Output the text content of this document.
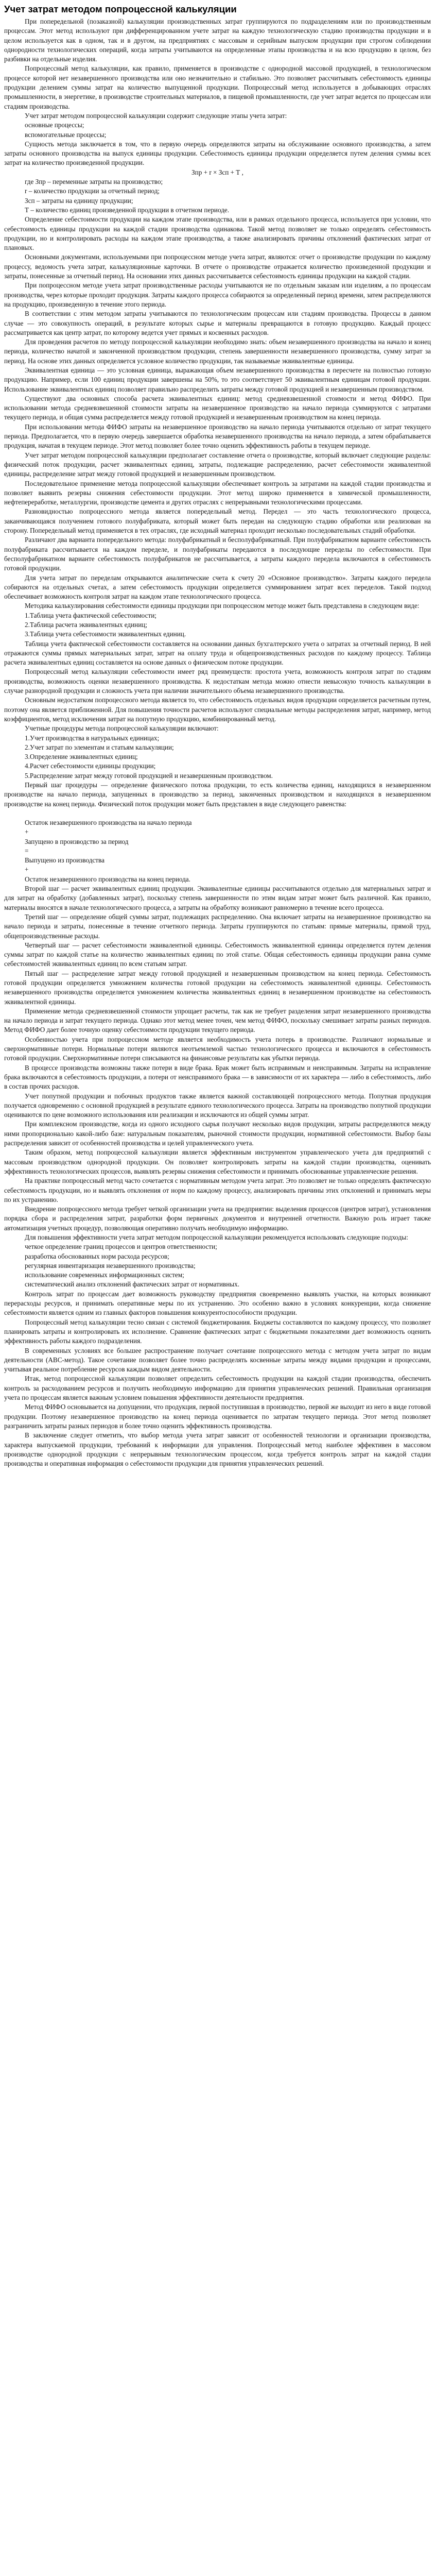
Учет затрат методом попроцессной калькуляции

При попередельной (позаказной) калькуляции производственных затрат группируются по подразделениям или по производственным процессам. Этот метод используют при дифференцированном учете затрат на каждую технологическую стадию производства продукции и в целом используется как в одном, так и в другом, на предприятиях с массовым и серийным выпуском продукции при строгом соблюдении однородности технологических операций, когда затраты учитываются на определенные этапы производства и на всю продукцию в целом, без разбивки на отдельные изделия.

Попроцессный метод калькуляции, как правило, применяется в производстве с однородной массовой продукцией, в технологическом процессе которой нет незавершенного производства или оно незначительно и стабильно. Это позволяет рассчитывать себестоимость единицы продукции делением суммы затрат на количество выпущенной продукции. Попроцессный метод используется в добывающих отраслях промышленности, в энергетике, в производстве строительных материалов, в пищевой промышленности, где учет затрат ведется по процессам или стадиям производства.

Учет затрат методом попроцессной калькуляции содержит следующие этапы учета затрат:

основные процессы;

вспомогательные процессы;

Сущность метода заключается в том, что в первую очередь определяются затраты на обслуживание основного производства, а затем затраты основного производства на выпуск единицы продукции. Себестоимость единицы продукции определяется путем деления суммы всех затрат на количество произведенной продукции.

Зпр + r × Зсп + Т ,

где Зпр – переменные затраты на производство;

r – количество продукции за отчетный период;

Зсп – затраты на единицу продукции;

Т – количество единиц произведенной продукции в отчетном периоде.

Определение себестоимости продукции на каждом этапе производства, или в рамках отдельного процесса, используется при условии, что себестоимость единицы продукции на каждой стадии производства одинакова. Такой метод позволяет не только определять себестоимость продукции, но и контролировать расходы на каждом этапе производства, а также анализировать причины отклонений фактических затрат от плановых.

Основными документами, используемыми при попроцессном методе учета затрат, являются: отчет о производстве продукции по каждому процессу, ведомость учета затрат, калькуляционные карточки. В отчете о производстве отражается количество произведенной продукции и затраты, понесенные за отчетный период. На основании этих данных рассчитывается себестоимость единицы продукции на каждой стадии.

При попроцессном методе учета затрат производственные расходы учитываются не по отдельным заказам или изделиям, а по процессам производства, через которые проходит продукция. Затраты каждого процесса собираются за определенный период времени, затем распределяются на продукцию, произведенную в течение этого периода.

В соответствии с этим методом затраты учитываются по технологическим процессам или стадиям производства. Процессы в данном случае — это совокупность операций, в результате которых сырье и материалы превращаются в готовую продукцию. Каждый процесс рассматривается как центр затрат, по которому ведется учет прямых и косвенных расходов.

Для проведения расчетов по методу попроцессной калькуляции необходимо знать: объем незавершенного производства на начало и конец периода, количество начатой и законченной производством продукции, степень завершенности незавершенного производства, сумму затрат за период. На основе этих данных определяется условное количество продукции, так называемые эквивалентные единицы.

Эквивалентная единица — это условная единица, выражающая объем незавершенного производства в пересчете на полностью готовую продукцию. Например, если 100 единиц продукции завершены на 50%, то это соответствует 50 эквивалентным единицам готовой продукции. Использование эквивалентных единиц позволяет правильно распределить затраты между готовой продукцией и незавершенным производством.

Существуют два основных способа расчета эквивалентных единиц: метод средневзвешенной стоимости и метод ФИФО. При использовании метода средневзвешенной стоимости затраты на незавершенное производство на начало периода суммируются с затратами текущего периода, и общая сумма распределяется между готовой продукцией и незавершенным производством на конец периода.

При использовании метода ФИФО затраты на незавершенное производство на начало периода учитываются отдельно от затрат текущего периода. Предполагается, что в первую очередь завершается обработка незавершенного производства на начало периода, а затем обрабатывается продукция, начатая в текущем периоде. Этот метод позволяет более точно оценить эффективность работы в текущем периоде.

Учет затрат методом попроцессной калькуляции предполагает составление отчета о производстве, который включает следующие разделы: физический поток продукции, расчет эквивалентных единиц, затраты, подлежащие распределению, расчет себестоимости эквивалентной единицы, распределение затрат между готовой продукцией и незавершенным производством.

Последовательное применение метода попроцессной калькуляции обеспечивает контроль за затратами на каждой стадии производства и позволяет выявить резервы снижения себестоимости продукции. Этот метод широко применяется в химической промышленности, нефтепереработке, металлургии, производстве цемента и других отраслях с непрерывными технологическими процессами.

Разновидностью попроцессного метода является попередельный метод. Передел — это часть технологического процесса, заканчивающаяся получением готового полуфабриката, который может быть передан на следующую стадию обработки или реализован на сторону. Попередельный метод применяется в тех отраслях, где исходный материал проходит несколько последовательных стадий обработки.

Различают два варианта попередельного метода: полуфабрикатный и бесполуфабрикатный. При полуфабрикатном варианте себестоимость полуфабриката рассчитывается на каждом переделе, и полуфабрикаты передаются в последующие переделы по себестоимости. При бесполуфабрикатном варианте себестоимость полуфабрикатов не рассчитывается, а затраты каждого передела включаются в себестоимость готовой продукции.

Для учета затрат по переделам открываются аналитические счета к счету 20 «Основное производство». Затраты каждого передела собираются на отдельных счетах, а затем себестоимость продукции определяется суммированием затрат всех переделов. Такой подход обеспечивает возможность контроля затрат на каждом этапе технологического процесса.

Методика калькулирования себестоимости единицы продукции при попроцессном методе может быть представлена в следующем виде:

1.Таблица учета фактической себестоимости;

2.Таблица расчета эквивалентных единиц;

3.Таблица учета себестоимости эквивалентных единиц.

Таблица учета фактической себестоимости составляется на основании данных бухгалтерского учета о затратах за отчетный период. В ней отражаются суммы прямых материальных затрат, затрат на оплату труда и общепроизводственных расходов по каждому процессу. Таблица расчета эквивалентных единиц составляется на основе данных о физическом потоке продукции.

Попроцессный метод калькуляции себестоимости имеет ряд преимуществ: простота учета, возможность контроля затрат по стадиям производства, возможность оценки незавершенного производства. К недостаткам метода можно отнести невысокую точность калькуляции в случае разнородной продукции и сложность учета при наличии значительного объема незавершенного производства.

Основным недостатком попроцессного метода является то, что себестоимость отдельных видов продукции определяется расчетным путем, поэтому она является приближенной. Для повышения точности расчетов используют специальные методы распределения затрат, например, метод коэффициентов, метод исключения затрат на попутную продукцию, комбинированный метод.

Учетные процедуры метода попроцессной калькуляции включают:

1.Учет производства в натуральных единицах;

2.Учет затрат по элементам и статьям калькуляции;

3.Определение эквивалентных единиц;

4.Расчет себестоимости единицы продукции;

5.Распределение затрат между готовой продукцией и незавершенным производством.

Первый шаг процедуры — определение физического потока продукции, то есть количества единиц, находящихся в незавершенном производстве на начало периода, запущенных в производство за период, законченных производством и находящихся в незавершенном производстве на конец периода. Физический поток продукции может быть представлен в виде следующего равенства:

Остаток незавершенного производства на начало периода

+

Запущено в производство за период

=

Выпущено из производства

+

Остаток незавершенного производства на конец периода.

Второй шаг — расчет эквивалентных единиц продукции. Эквивалентные единицы рассчитываются отдельно для материальных затрат и для затрат на обработку (добавленных затрат), поскольку степень завершенности по этим видам затрат может быть различной. Как правило, материалы вносятся в начале технологического процесса, а затраты на обработку возникают равномерно в течение всего процесса.

Третий шаг — определение общей суммы затрат, подлежащих распределению. Она включает затраты на незавершенное производство на начало периода и затраты, понесенные в течение отчетного периода. Затраты группируются по статьям: прямые материалы, прямой труд, общепроизводственные расходы.

Четвертый шаг — расчет себестоимости эквивалентной единицы. Себестоимость эквивалентной единицы определяется путем деления суммы затрат по каждой статье на количество эквивалентных единиц по этой статье. Общая себестоимость единицы продукции равна сумме себестоимостей эквивалентных единиц по всем статьям затрат.

Пятый шаг — распределение затрат между готовой продукцией и незавершенным производством на конец периода. Себестоимость готовой продукции определяется умножением количества готовой продукции на себестоимость эквивалентной единицы. Себестоимость незавершенного производства определяется умножением количества эквивалентных единиц в незавершенном производстве на себестоимость эквивалентной единицы.

Применение метода средневзвешенной стоимости упрощает расчеты, так как не требует разделения затрат незавершенного производства на начало периода и затрат текущего периода. Однако этот метод менее точен, чем метод ФИФО, поскольку смешивает затраты разных периодов. Метод ФИФО дает более точную оценку себестоимости продукции текущего периода.

Особенностью учета при попроцессном методе является необходимость учета потерь в производстве. Различают нормальные и сверхнормативные потери. Нормальные потери являются неотъемлемой частью технологического процесса и включаются в себестоимость готовой продукции. Сверхнормативные потери списываются на финансовые результаты как убытки периода.

В процессе производства возможны также потери в виде брака. Брак может быть исправимым и неисправимым. Затраты на исправление брака включаются в себестоимость продукции, а потери от неисправимого брака — в зависимости от их характера — либо в себестоимость, либо в состав прочих расходов.

Учет попутной продукции и побочных продуктов также является важной составляющей попроцессного метода. Попутная продукция получается одновременно с основной продукцией в результате единого технологического процесса. Затраты на производство попутной продукции оцениваются по цене возможного использования или реализации и исключаются из общей суммы затрат.

При комплексном производстве, когда из одного исходного сырья получают несколько видов продукции, затраты распределяются между ними пропорционально какой-либо базе: натуральным показателям, рыночной стоимости продукции, нормативной себестоимости. Выбор базы распределения зависит от особенностей производства и целей управленческого учета.

Таким образом, метод попроцессной калькуляции является эффективным инструментом управленческого учета для предприятий с массовым производством однородной продукции. Он позволяет контролировать затраты на каждой стадии производства, оценивать эффективность технологических процессов, выявлять резервы снижения себестоимости и принимать обоснованные управленческие решения.

На практике попроцессный метод часто сочетается с нормативным методом учета затрат. Это позволяет не только определять фактическую себестоимость продукции, но и выявлять отклонения от норм по каждому процессу, анализировать причины этих отклонений и принимать меры по их устранению.

Внедрение попроцессного метода требует четкой организации учета на предприятии: выделения процессов (центров затрат), установления порядка сбора и распределения затрат, разработки форм первичных документов и внутренней отчетности. Важную роль играет также автоматизация учетных процедур, позволяющая оперативно получать необходимую информацию.

Для повышения эффективности учета затрат методом попроцессной калькуляции рекомендуется использовать следующие подходы:

четкое определение границ процессов и центров ответственности;

разработка обоснованных норм расхода ресурсов;

регулярная инвентаризация незавершенного производства;

использование современных информационных систем;

систематический анализ отклонений фактических затрат от нормативных.

Контроль затрат по процессам дает возможность руководству предприятия своевременно выявлять участки, на которых возникают перерасходы ресурсов, и принимать оперативные меры по их устранению. Это особенно важно в условиях конкуренции, когда снижение себестоимости является одним из главных факторов повышения конкурентоспособности продукции.

Попроцессный метод калькуляции тесно связан с системой бюджетирования. Бюджеты составляются по каждому процессу, что позволяет планировать затраты и контролировать их исполнение. Сравнение фактических затрат с бюджетными показателями дает возможность оценить эффективность работы каждого подразделения.

В современных условиях все большее распространение получает сочетание попроцессного метода с методом учета затрат по видам деятельности (ABC-метод). Такое сочетание позволяет более точно распределять косвенные затраты между видами продукции и процессами, учитывая реальное потребление ресурсов каждым видом деятельности.

Итак, метод попроцессной калькуляции позволяет определить себестоимость продукции на каждой стадии производства, обеспечить контроль за расходованием ресурсов и получить необходимую информацию для принятия управленческих решений. Правильная организация учета по процессам является важным условием повышения эффективности деятельности предприятия.

Метод ФИФО основывается на допущении, что продукция, первой поступившая в производство, первой же выходит из него в виде готовой продукции. Поэтому незавершенное производство на конец периода оценивается по затратам текущего периода. Этот метод позволяет разграничить затраты разных периодов и более точно оценить эффективность производства.

В заключение следует отметить, что выбор метода учета затрат зависит от особенностей технологии и организации производства, характера выпускаемой продукции, требований к информации для управления. Попроцессный метод наиболее эффективен в массовом производстве однородной продукции с непрерывным технологическим процессом, когда требуется контроль затрат на каждой стадии производства и оперативная информация о себестоимости продукции для принятия управленческих решений.
